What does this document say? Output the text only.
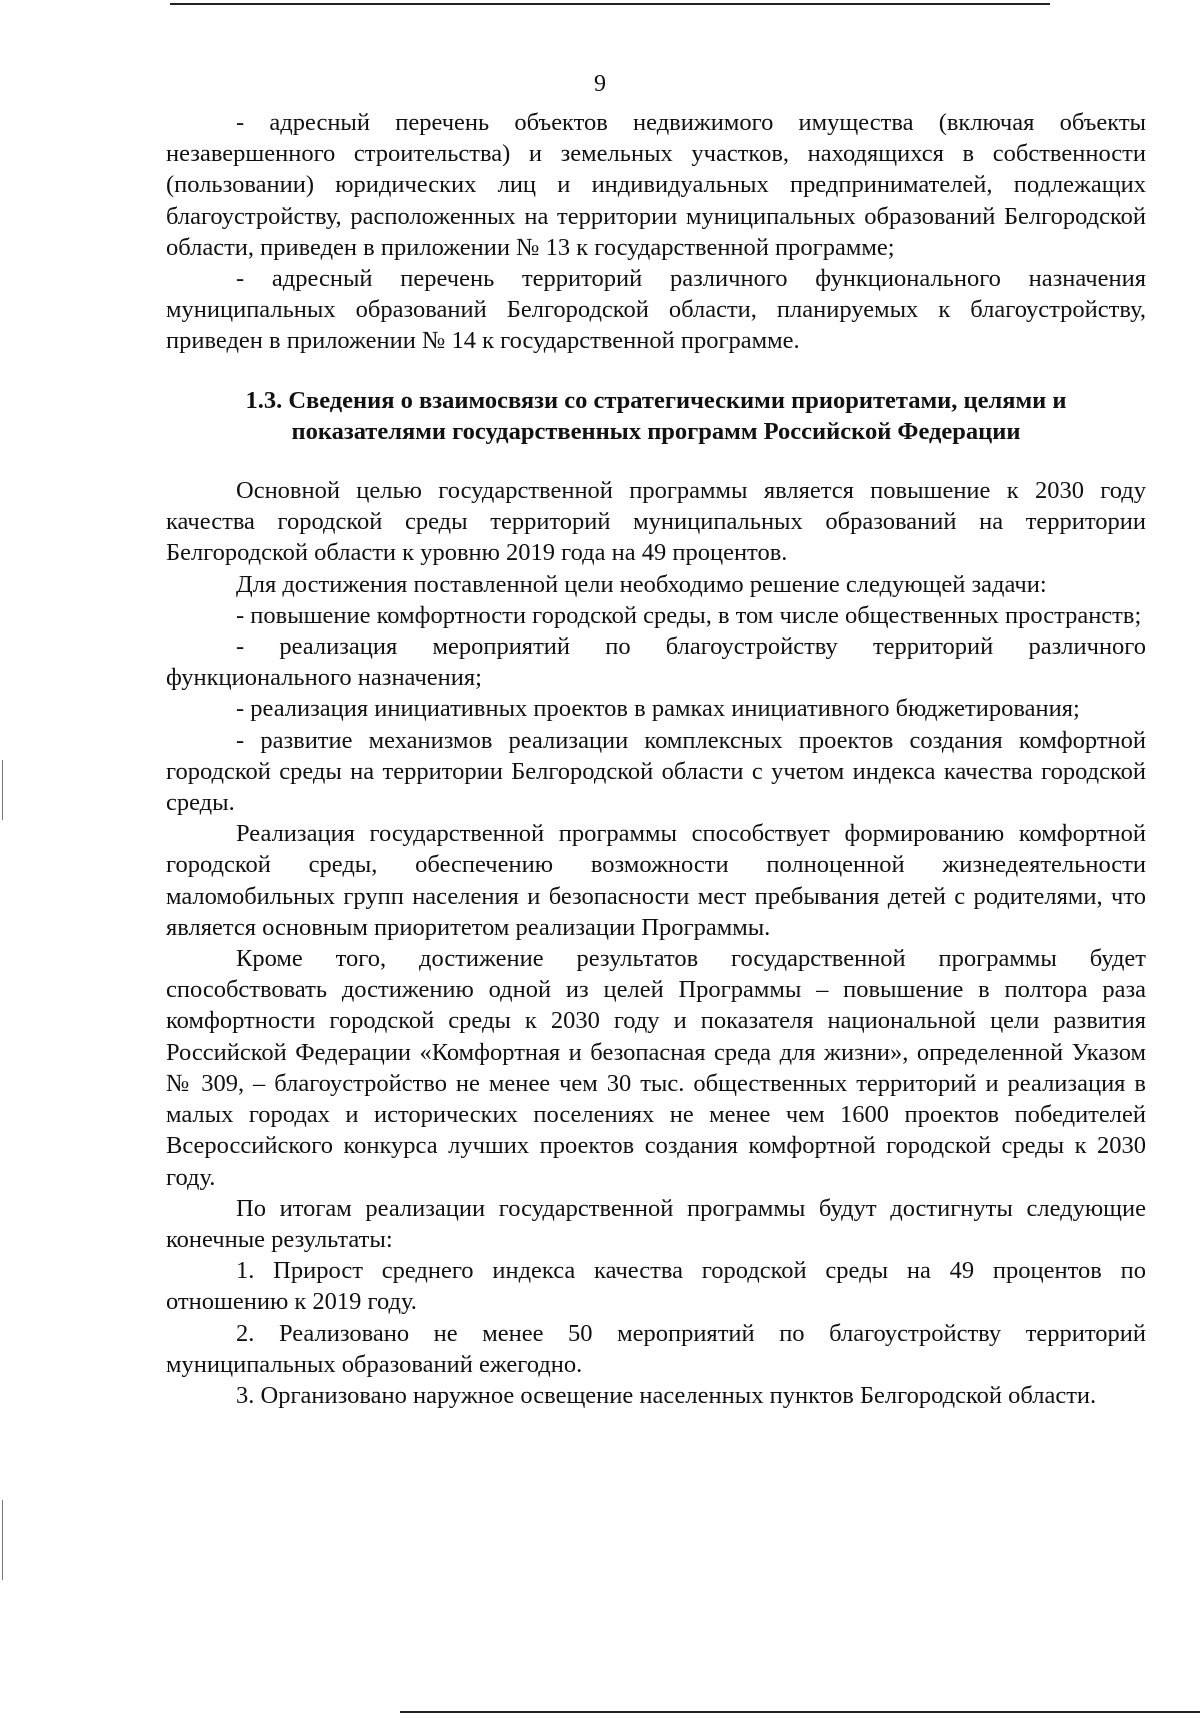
9

- адресный перечень объектов недвижимого имущества (включая объекты незавершенного строительства) и земельных участков, находящихся в собственности (пользовании) юридических лиц и индивидуальных предпринимателей, подлежащих благоустройству, расположенных на территории муниципальных образований Белгородской области, приведен в приложении № 13 к государственной программе;

- адресный перечень территорий различного функционального назначения муниципальных образований Белгородской области, планируемых к благоустройству, приведен в приложении № 14 к государственной программе.

1.3. Сведения о взаимосвязи со стратегическими приоритетами, целями и показателями государственных программ Российской Федерации

Основной целью государственной программы является повышение к 2030 году качества городской среды территорий муниципальных образований на территории Белгородской области к уровню 2019 года на 49 процентов.

Для достижения поставленной цели необходимо решение следующей задачи:

- повышение комфортности городской среды, в том числе общественных пространств;

- реализация мероприятий по благоустройству территорий различного функционального назначения;

- реализация инициативных проектов в рамках инициативного бюджетирования;

- развитие механизмов реализации комплексных проектов создания комфортной городской среды на территории Белгородской области с учетом индекса качества городской среды.

Реализация государственной программы способствует формированию комфортной городской среды, обеспечению возможности полноценной жизнедеятельности маломобильных групп населения и безопасности мест пребывания детей с родителями, что является основным приоритетом реализации Программы.

Кроме того, достижение результатов государственной программы будет способствовать достижению одной из целей Программы – повышение в полтора раза комфортности городской среды к 2030 году и показателя национальной цели развития Российской Федерации «Комфортная и безопасная среда для жизни», определенной Указом № 309, – благоустройство не менее чем 30 тыс. общественных территорий и реализация в малых городах и исторических поселениях не менее чем 1600 проектов победителей Всероссийского конкурса лучших проектов создания комфортной городской среды к 2030 году.

По итогам реализации государственной программы будут достигнуты следующие конечные результаты:

1. Прирост среднего индекса качества городской среды на 49 процентов по отношению к 2019 году.

2. Реализовано не менее 50 мероприятий по благоустройству территорий муниципальных образований ежегодно.

3. Организовано наружное освещение населенных пунктов Белгородской области.
